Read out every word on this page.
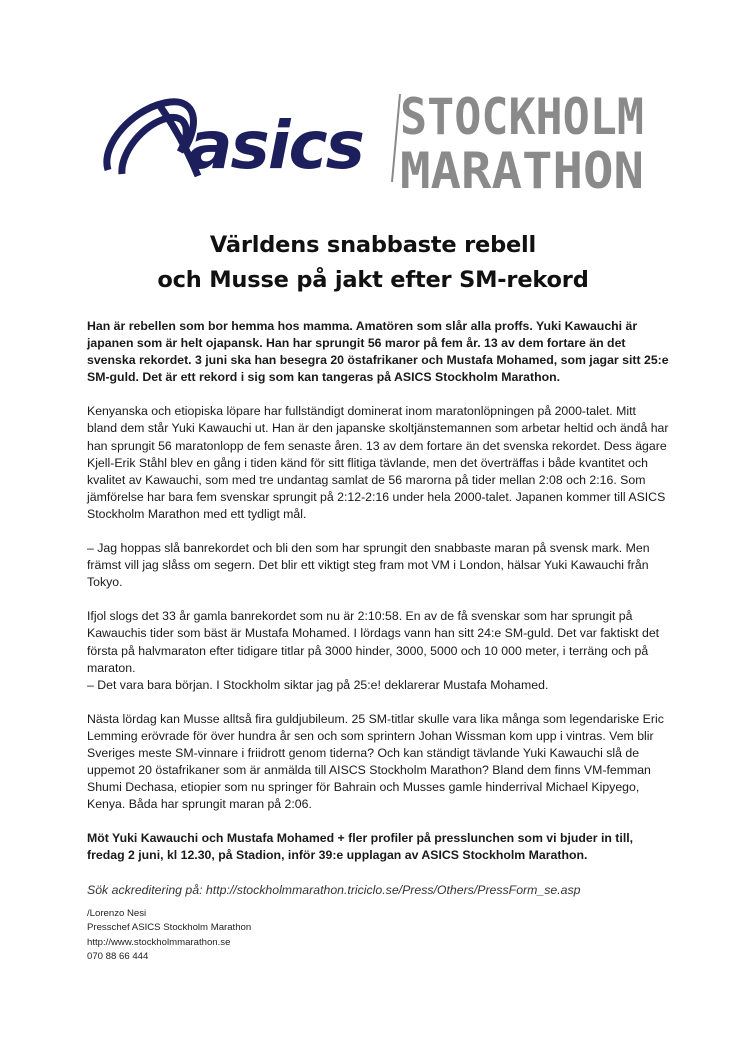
asics STOCKHOLM
MARATHON
Världens snabbaste rebell
och Musse på jakt efter SM-rekord

Han är rebellen som bor hemma hos mamma. Amatören som slår alla proffs. Yuki Kawauchi är japanen som är helt ojapansk. Han har sprungit 56 maror på fem år. 13 av dem fortare än det svenska rekordet. 3 juni ska han besegra 20 östafrikaner och Mustafa Mohamed, som jagar sitt 25:e SM-guld. Det är ett rekord i sig som kan tangeras på ASICS Stockholm Marathon.

Kenyanska och etiopiska löpare har fullständigt dominerat inom maratonlöpningen på 2000-talet. Mitt bland dem står Yuki Kawauchi ut. Han är den japanske skoltjänstemannen som arbetar heltid och ändå har han sprungit 56 maratonlopp de fem senaste åren. 13 av dem fortare än det svenska rekordet. Dess ägare Kjell-Erik Ståhl blev en gång i tiden känd för sitt flitiga tävlande, men det överträffas i både kvantitet och kvalitet av Kawauchi, som med tre undantag samlat de 56 marorna på tider mellan 2:08 och 2:16. Som jämförelse har bara fem svenskar sprungit på 2:12-2:16 under hela 2000-talet. Japanen kommer till ASICS Stockholm Marathon med ett tydligt mål.

– Jag hoppas slå banrekordet och bli den som har sprungit den snabbaste maran på svensk mark. Men främst vill jag slåss om segern. Det blir ett viktigt steg fram mot VM i London, hälsar Yuki Kawauchi från Tokyo.

Ifjol slogs det 33 år gamla banrekordet som nu är 2:10:58. En av de få svenskar som har sprungit på Kawauchis tider som bäst är Mustafa Mohamed. I lördags vann han sitt 24:e SM-guld. Det var faktiskt det första på halvmaraton efter tidigare titlar på 3000 hinder, 3000, 5000 och 10 000 meter, i terräng och på maraton.

– Det vara bara början. I Stockholm siktar jag på 25:e! deklarerar Mustafa Mohamed.

Nästa lördag kan Musse alltså fira guldjubileum. 25 SM-titlar skulle vara lika många som legendariske Eric Lemming erövrade för över hundra år sen och som sprintern Johan Wissman kom upp i vintras. Vem blir Sveriges meste SM-vinnare i friidrott genom tiderna? Och kan ständigt tävlande Yuki Kawauchi slå de uppemot 20 östafrikaner som är anmälda till AISCS Stockholm Marathon? Bland dem finns VM-femman Shumi Dechasa, etiopier som nu springer för Bahrain och Musses gamle hinderrival Michael Kipyego, Kenya. Båda har sprungit maran på 2:06.

Möt Yuki Kawauchi och Mustafa Mohamed + fler profiler på presslunchen som vi bjuder in till, fredag 2 juni, kl 12.30, på Stadion, inför 39:e upplagan av ASICS Stockholm Marathon.

Sök ackreditering på: http://stockholmmarathon.triciclo.se/Press/Others/PressForm_se.asp

/Lorenzo Nesi
Presschef ASICS Stockholm Marathon
http://www.stockholmmarathon.se
070 88 66 444
